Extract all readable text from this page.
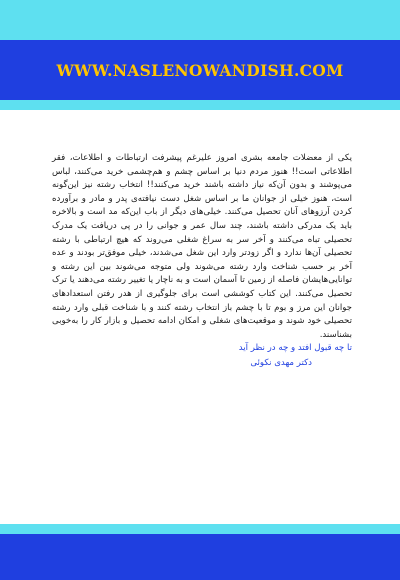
WWW.NASLENOWANDISH.COM

یکی از معضلات جامعه بشری امروز علیرغم پیشرفت ارتباطات و اطلاعات، فقر اطلاعاتی است!! هنوز مردم دنیا بر اساس چشم و هم‌چشمی خرید می‌کنند، لباس می‌پوشند و بدون آن‌که نیاز داشته باشند خرید می‌کنند!! انتخاب رشته نیز این‌گونه است، هنوز خیلی از جوانان ما بر اساس شغل دست نیافته‌ی پدر و مادر و برآورده کردن آرزوهای آنان تحصیل می‌کنند. خیلی‌های دیگر از باب این‌که مد است و بالاخره باید یک مدرکی داشته باشند، چند سال عمر و جوانی را در پی دریافت یک مدرک تحصیلی تباه می‌کنند و آخر سر به سراغ شغلی می‌روند که هیچ ارتباطی با رشته تحصیلی آن‌ها ندارد و اگر زودتر وارد این شغل می‌شدند، خیلی موفق‌تر بودند و عده آخر بر حسب شناخت وارد رشته می‌شوند ولی متوجه می‌شوند بین این رشته و توانایی‌هایشان فاصله از زمین تا آسمان است و به ناچار یا تغییر رشته می‌دهند یا ترک تحصیل می‌کنند. این کتاب کوششی است برای جلوگیری از هدر رفتن استعدادهای جوانان این مرز و بوم تا با چشم باز انتخاب رشته کنند و با شناخت قبلی وارد رشته تحصیلی خود شوند و موقعیت‌های شغلی و امکان ادامه تحصیل و بازار کار را به‌خوبی بشناسند.

تا چه قبول افتد و چه در نظر آید

دکتر مهدی نکوئی
